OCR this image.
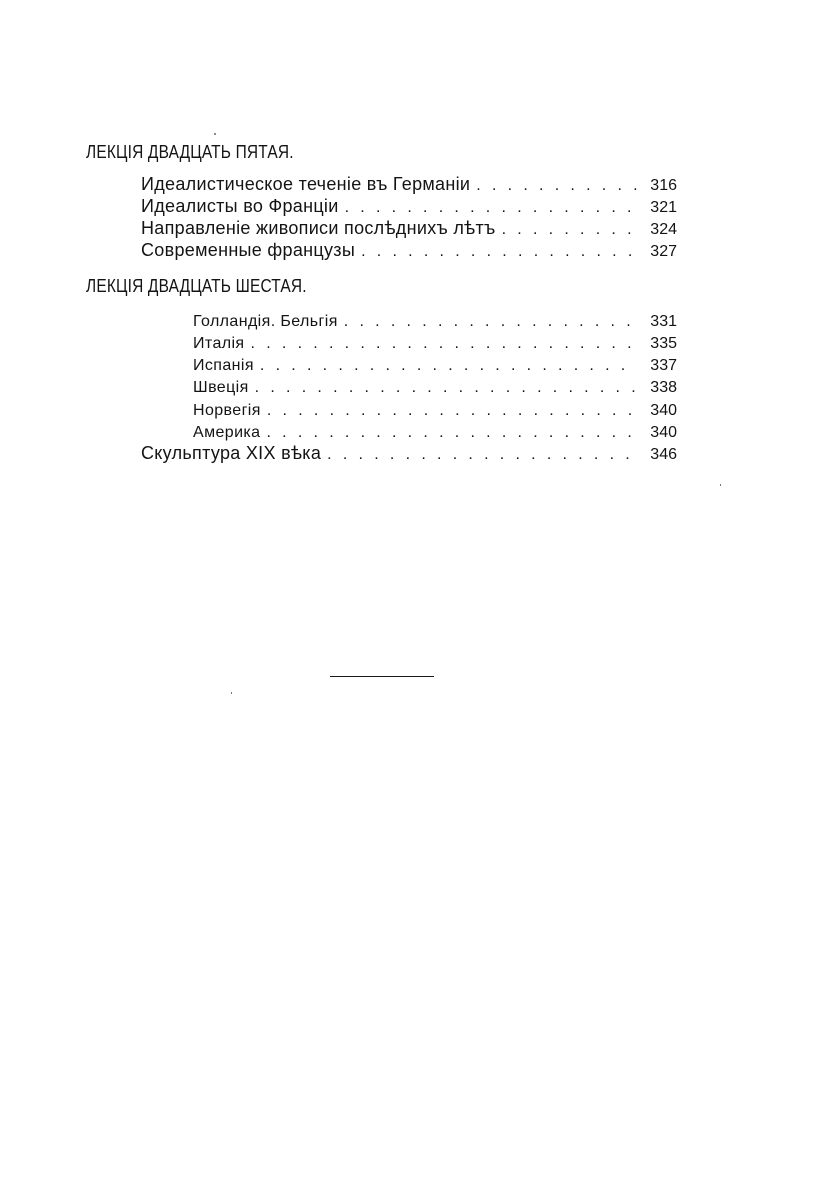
ЛЕКЦІЯ ДВАДЦАТЬ ПЯТАЯ.
Идеалистическое теченіе въ Германіи . . .	316
Идеалисты во Франціи . . .	321
Направленіе живописи послѣднихъ лѣтъ . . .	324
Современные французы . . .	327
ЛЕКЦІЯ ДВАДЦАТЬ ШЕСТАЯ.
Голландія. Бельгія . . .	331
Италія . . .	335
Испанія . . .	337
Швеція . . .	338
Норвегія . . .	340
Америка . . .	340
Скульптура XIX вѣка . . .	346
